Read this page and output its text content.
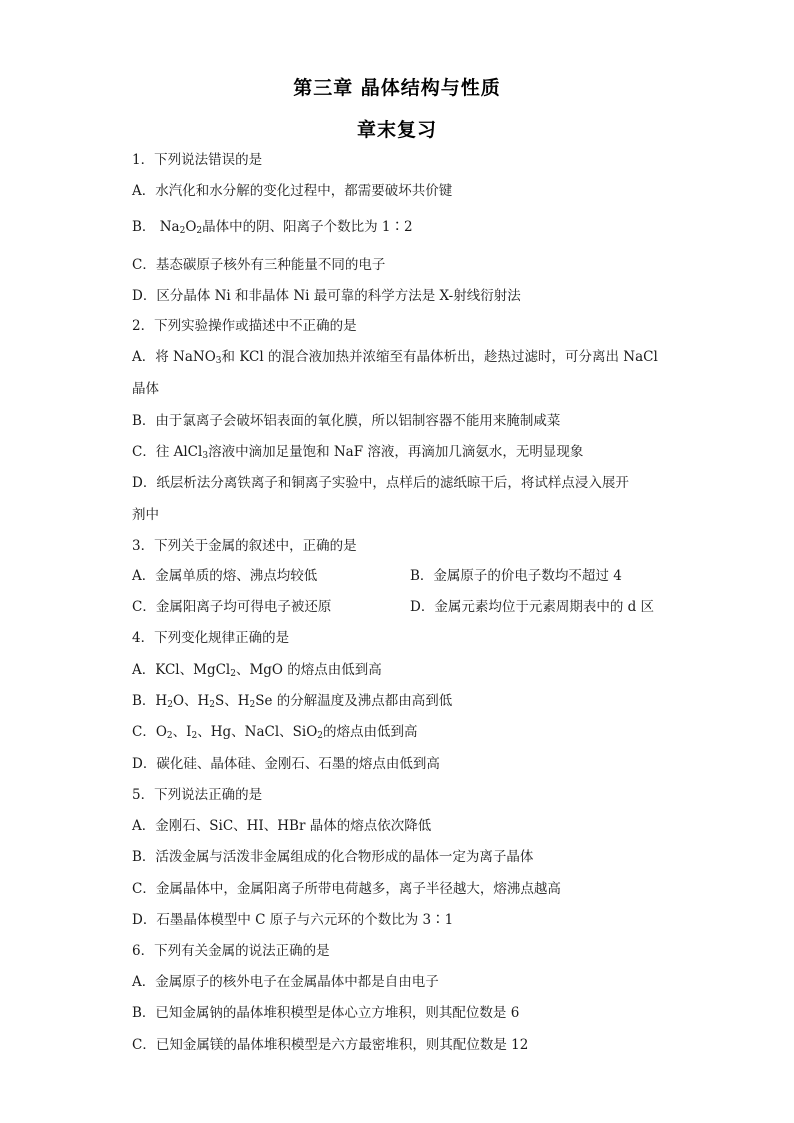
第三章 晶体结构与性质
章末复习
1．下列说法错误的是
A．水汽化和水分解的变化过程中，都需要破坏共价键
B． $Na_2O_2$晶体中的阴、阳离子个数比为 1∶2
C．基态碳原子核外有三种能量不同的电子
D．区分晶体 Ni 和非晶体 Ni 最可靠的科学方法是 X-射线衍射法
2．下列实验操作或描述中不正确的是
A．将 NaNO$_3$和 KCl 的混合液加热并浓缩至有晶体析出，趁热过滤时，可分离出 NaCl
晶体
B．由于氯离子会破坏铝表面的氧化膜，所以铝制容器不能用来腌制咸菜
C．往 AlCl$_3$溶液中滴加足量饱和 NaF 溶液，再滴加几滴氨水，无明显现象
D．纸层析法分离铁离子和铜离子实验中，点样后的滤纸晾干后，将试样点浸入展开
剂中
3．下列关于金属的叙述中，正确的是
A．金属单质的熔、沸点均较低	B．金属原子的价电子数均不超过 4
C．金属阳离子均可得电子被还原	D．金属元素均位于元素周期表中的 d 区
4．下列变化规律正确的是
A．KCl、MgCl$_2$、MgO 的熔点由低到高
B．$H_2O$、$H_2S$、$H_2Se$ 的分解温度及沸点都由高到低
C．$O_2$、$I_2$、Hg、NaCl、SiO$_2$的熔点由低到高
D．碳化硅、晶体硅、金刚石、石墨的熔点由低到高
5．下列说法正确的是
A．金刚石、SiC、HI、HBr 晶体的熔点依次降低
B．活泼金属与活泼非金属组成的化合物形成的晶体一定为离子晶体
C．金属晶体中，金属阳离子所带电荷越多，离子半径越大，熔沸点越高
D．石墨晶体模型中 C 原子与六元环的个数比为 3∶1
6．下列有关金属的说法正确的是
A．金属原子的核外电子在金属晶体中都是自由电子
B．已知金属钠的晶体堆积模型是体心立方堆积，则其配位数是 6
C．已知金属镁的晶体堆积模型是六方最密堆积，则其配位数是 12
